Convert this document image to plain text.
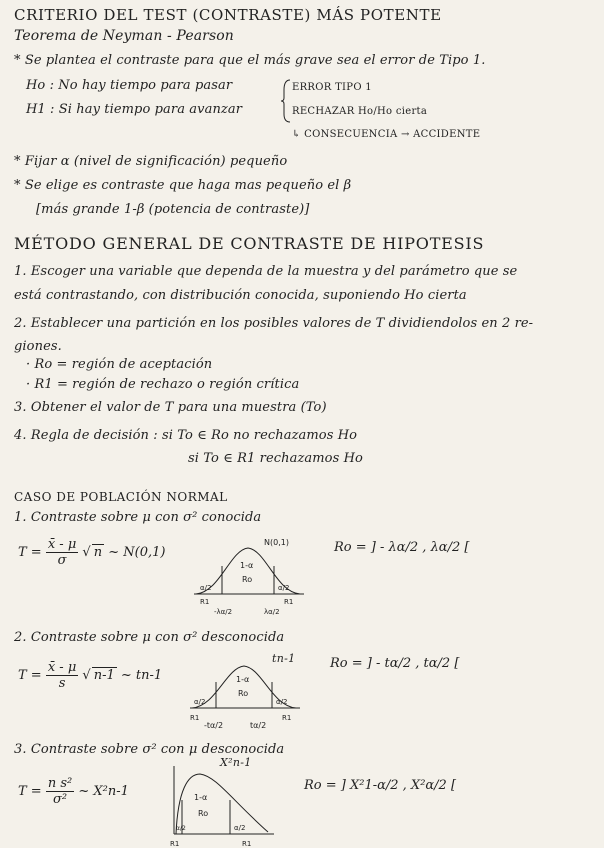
CRITERIO DEL TEST (CONTRASTE) MÁS POTENTE
Teorema de Neyman - Pearson
* Se plantea el contraste para que el más grave sea el error de Tipo 1.
Ho : No hay tiempo para pasar
H1 : Si hay tiempo para avanzar
ERROR TIPO 1
RECHAZAR Ho/Ho cierta
↳ CONSECUENCIA → ACCIDENTE
* Fijar α (nivel de significación) pequeño
* Se elige es contraste que haga mas pequeño el β
[más grande 1-β (potencia de contraste)]
MÉTODO GENERAL DE CONTRASTE DE HIPOTESIS
1. Escoger una variable que dependa de la muestra y del parámetro que se
está contrastando, con distribución conocida, suponiendo Ho cierta
2. Establecer una partición en los posibles valores de T dividiendolos en 2 re-
giones.
· Ro = región de aceptación
· R1 = región de rechazo o región crítica
3. Obtener el valor de T para una muestra (To)
4. Regla de decisión : si To ∈ Ro no rechazamos Ho
si To ∈ R1 rechazamos Ho
CASO DE POBLACIÓN NORMAL
1. Contraste sobre μ con σ² conocida
$T = \frac{x̄ - \mu}{\sigma}$ √ n ~ N(0,1)
N(0,1)
1-α
Ro
α/2	α/2
R1	R1
-λα/2	λα/2
Ro = ] - λα/2 , λα/2 [
2. Contraste sobre μ con σ² desconocida
$T = \frac{x̄ - \mu}{s}$ √ n-1 ~ tn-1	1-α
Ro
α/2	α/2
R1	R1
-tα/2	tα/2
tn-1	Ro = ] - tα/2 , tα/2 [
3. Contraste sobre σ² con μ desconocida
$T = \frac{\text{n s²}}{\text{σ²}}$ ~ X²n-1	1-α
Ro
α/2	α/2
R1	R1
X²n-1
Ro = ] X²1-α/2 , X²α/2 [
